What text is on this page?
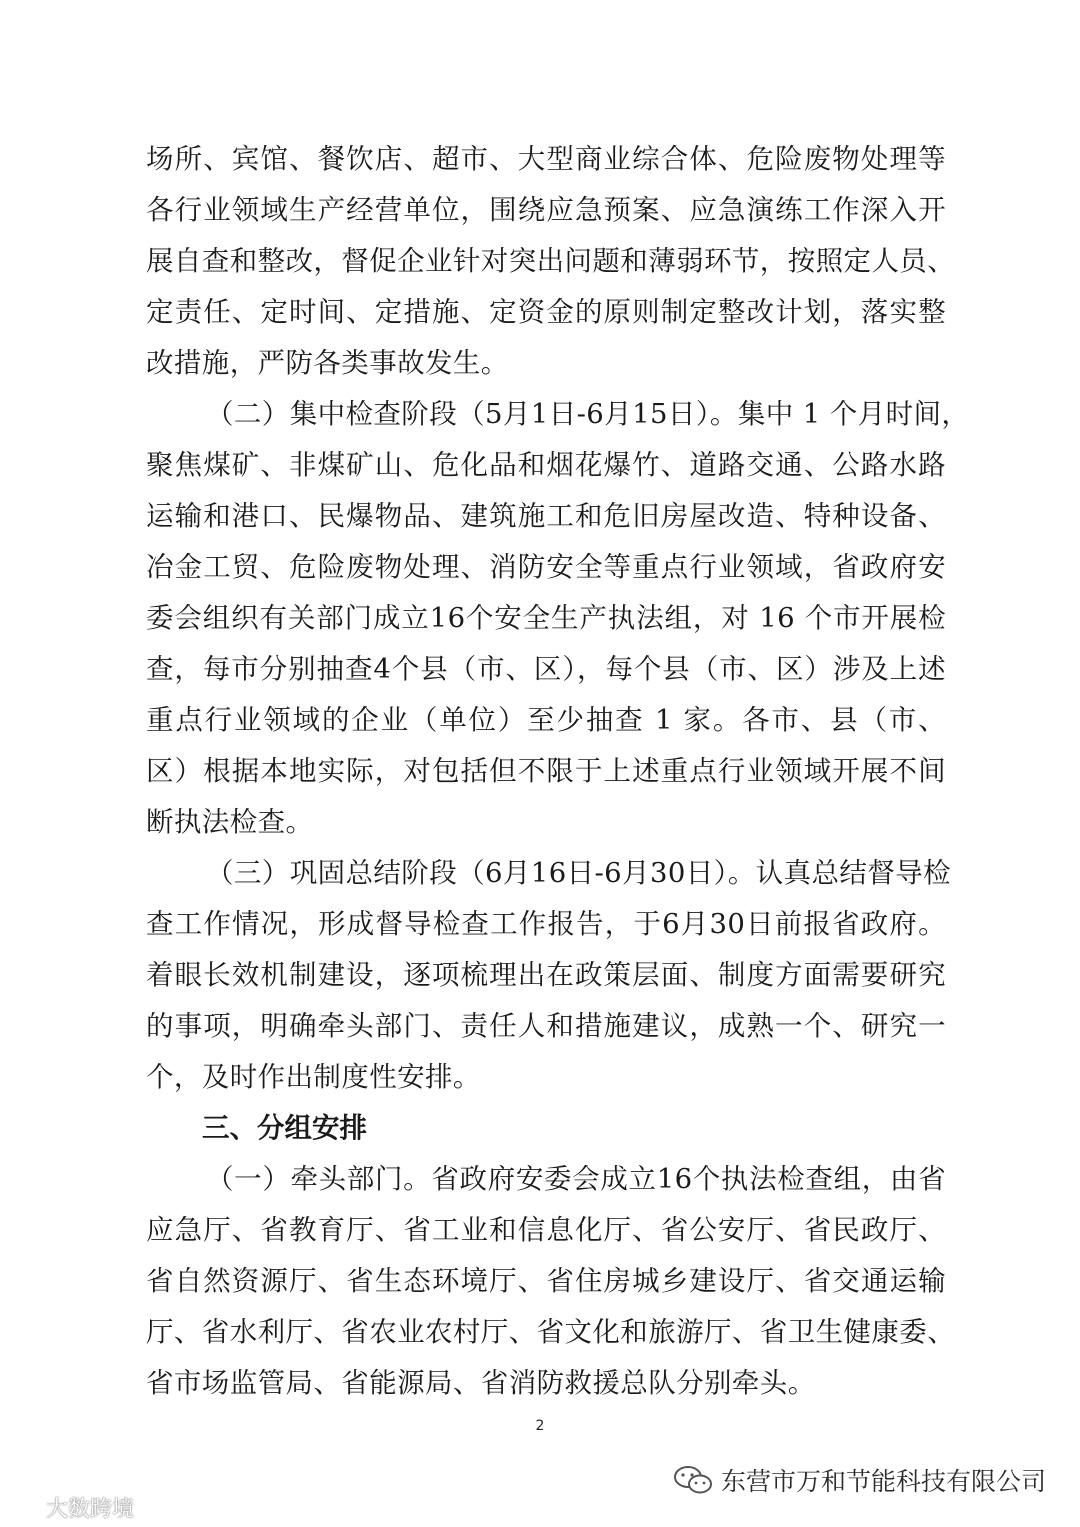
场所、宾馆、餐饮店、超市、大型商业综合体、危险废物处理等
各行业领域生产经营单位，围绕应急预案、应急演练工作深入开
展自查和整改，督促企业针对突出问题和薄弱环节，按照定人员、
定责任、定时间、定措施、定资金的原则制定整改计划，落实整
改措施，严防各类事故发生。
（二）集中检查阶段（5月1日-6月15日）。集中 1 个月时间，
聚焦煤矿、非煤矿山、危化品和烟花爆竹、道路交通、公路水路
运输和港口、民爆物品、建筑施工和危旧房屋改造、特种设备、
冶金工贸、危险废物处理、消防安全等重点行业领域，省政府安
委会组织有关部门成立16个安全生产执法组，对 16 个市开展检
查，每市分别抽查4个县（市、区），每个县（市、区）涉及上述
重点行业领域的企业（单位）至少抽查 1 家。各市、县（市、
区）根据本地实际，对包括但不限于上述重点行业领域开展不间
断执法检查。
（三）巩固总结阶段（6月16日-6月30日）。认真总结督导检
查工作情况，形成督导检查工作报告，于6月30日前报省政府。
着眼长效机制建设，逐项梳理出在政策层面、制度方面需要研究
的事项，明确牵头部门、责任人和措施建议，成熟一个、研究一
个，及时作出制度性安排。
三、分组安排
（一）牵头部门。省政府安委会成立16个执法检查组，由省
应急厅、省教育厅、省工业和信息化厅、省公安厅、省民政厅、
省自然资源厅、省生态环境厅、省住房城乡建设厅、省交通运输
厅、省水利厅、省农业农村厅、省文化和旅游厅、省卫生健康委、
省市场监管局、省能源局、省消防救援总队分别牵头。
2
东营市万和节能科技有限公司
大数跨境
